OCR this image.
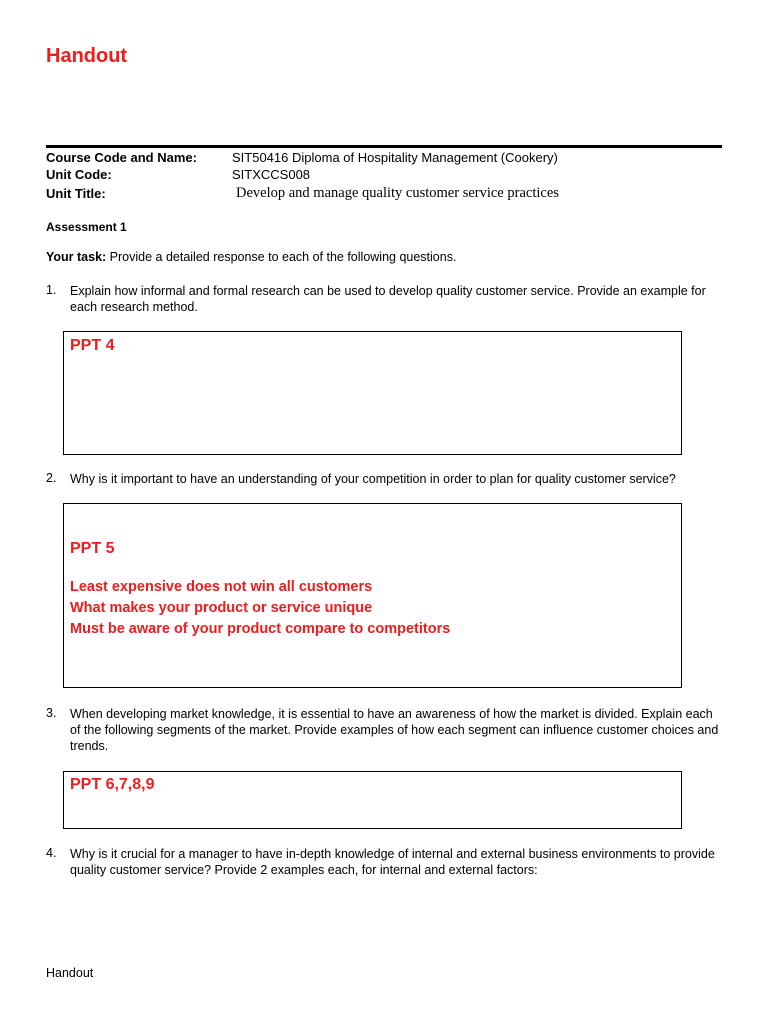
Handout
Course Code and Name:	SIT50416 Diploma of Hospitality Management (Cookery)
Unit Code:	SITXCCS008
Unit Title:	Develop and manage quality customer service practices
Assessment 1
Your task: Provide a detailed response to each of the following questions.
1. Explain how informal and formal research can be used to develop quality customer service. Provide an example for each research method.
PPT 4
2. Why is it important to have an understanding of your competition in order to plan for quality customer service?
PPT 5
Least expensive does not win all customers
What makes your product or service unique
Must be aware of your product compare to competitors
3. When developing market knowledge, it is essential to have an awareness of how the market is divided. Explain each of the following segments of the market. Provide examples of how each segment can influence customer choices and trends.
PPT 6,7,8,9
4. Why is it crucial for a manager to have in-depth knowledge of internal and external business environments to provide quality customer service? Provide 2 examples each, for internal and external factors:
Handout
